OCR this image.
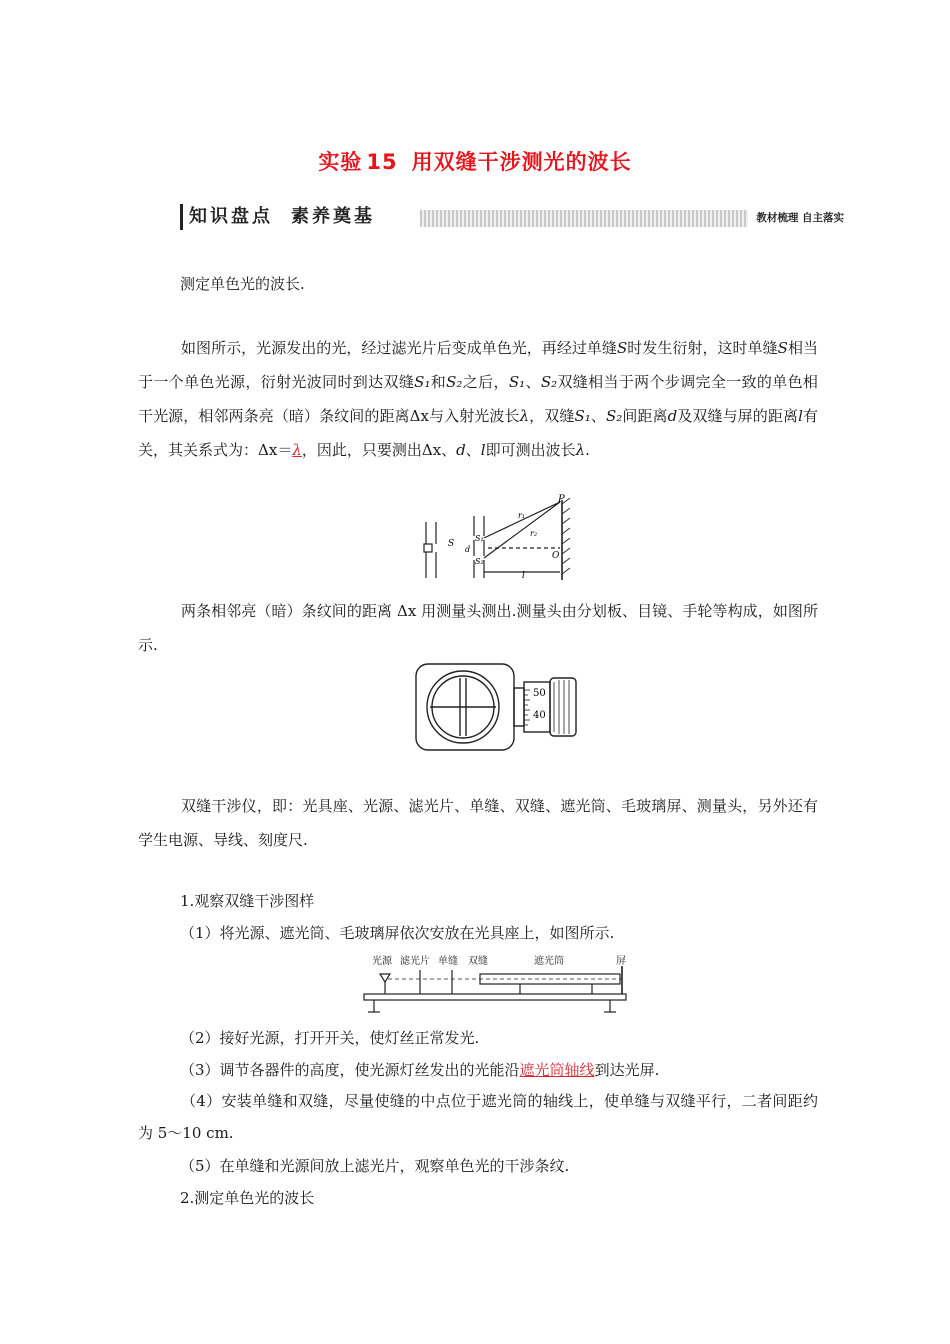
实验 15 用双缝干涉测光的波长
知识盘点 素养奠基	教材梳理 自主落实
测定单色光的波长.
如图所示，光源发出的光，经过滤光片后变成单色光，再经过单缝S时发生衍射，这时单缝S相当于一个单色光源，衍射光波同时到达双缝S₁和S₂之后，S₁、S₂双缝相当于两个步调完全一致的单色相干光源，相邻两条亮（暗）条纹间的距离Δx与入射光波长λ，双缝S₁、S₂间距离d及双缝与屏的距离l有关，其关系式为：Δx＝λ，因此，只要测出Δx、d、l即可测出波长λ.
P
r₁
r₂
S
S₁
d
S₂
O
l
两条相邻亮（暗）条纹间的距离 Δx 用测量头测出.测量头由分划板、目镜、手轮等构成，如图所示.
50
40
双缝干涉仪，即：光具座、光源、滤光片、单缝、双缝、遮光筒、毛玻璃屏、测量头，另外还有学生电源、导线、刻度尺.
1.观察双缝干涉图样
（1）将光源、遮光筒、毛玻璃屏依次安放在光具座上，如图所示.
光源 滤光片 单缝 双缝	遮光筒	屏
（2）接好光源，打开开关，使灯丝正常发光.
（3）调节各器件的高度，使光源灯丝发出的光能沿遮光筒轴线到达光屏.
（4）安装单缝和双缝，尽量使缝的中点位于遮光筒的轴线上，使单缝与双缝平行，二者间距约为 5～10 cm.
（5）在单缝和光源间放上滤光片，观察单色光的干涉条纹.
2.测定单色光的波长
